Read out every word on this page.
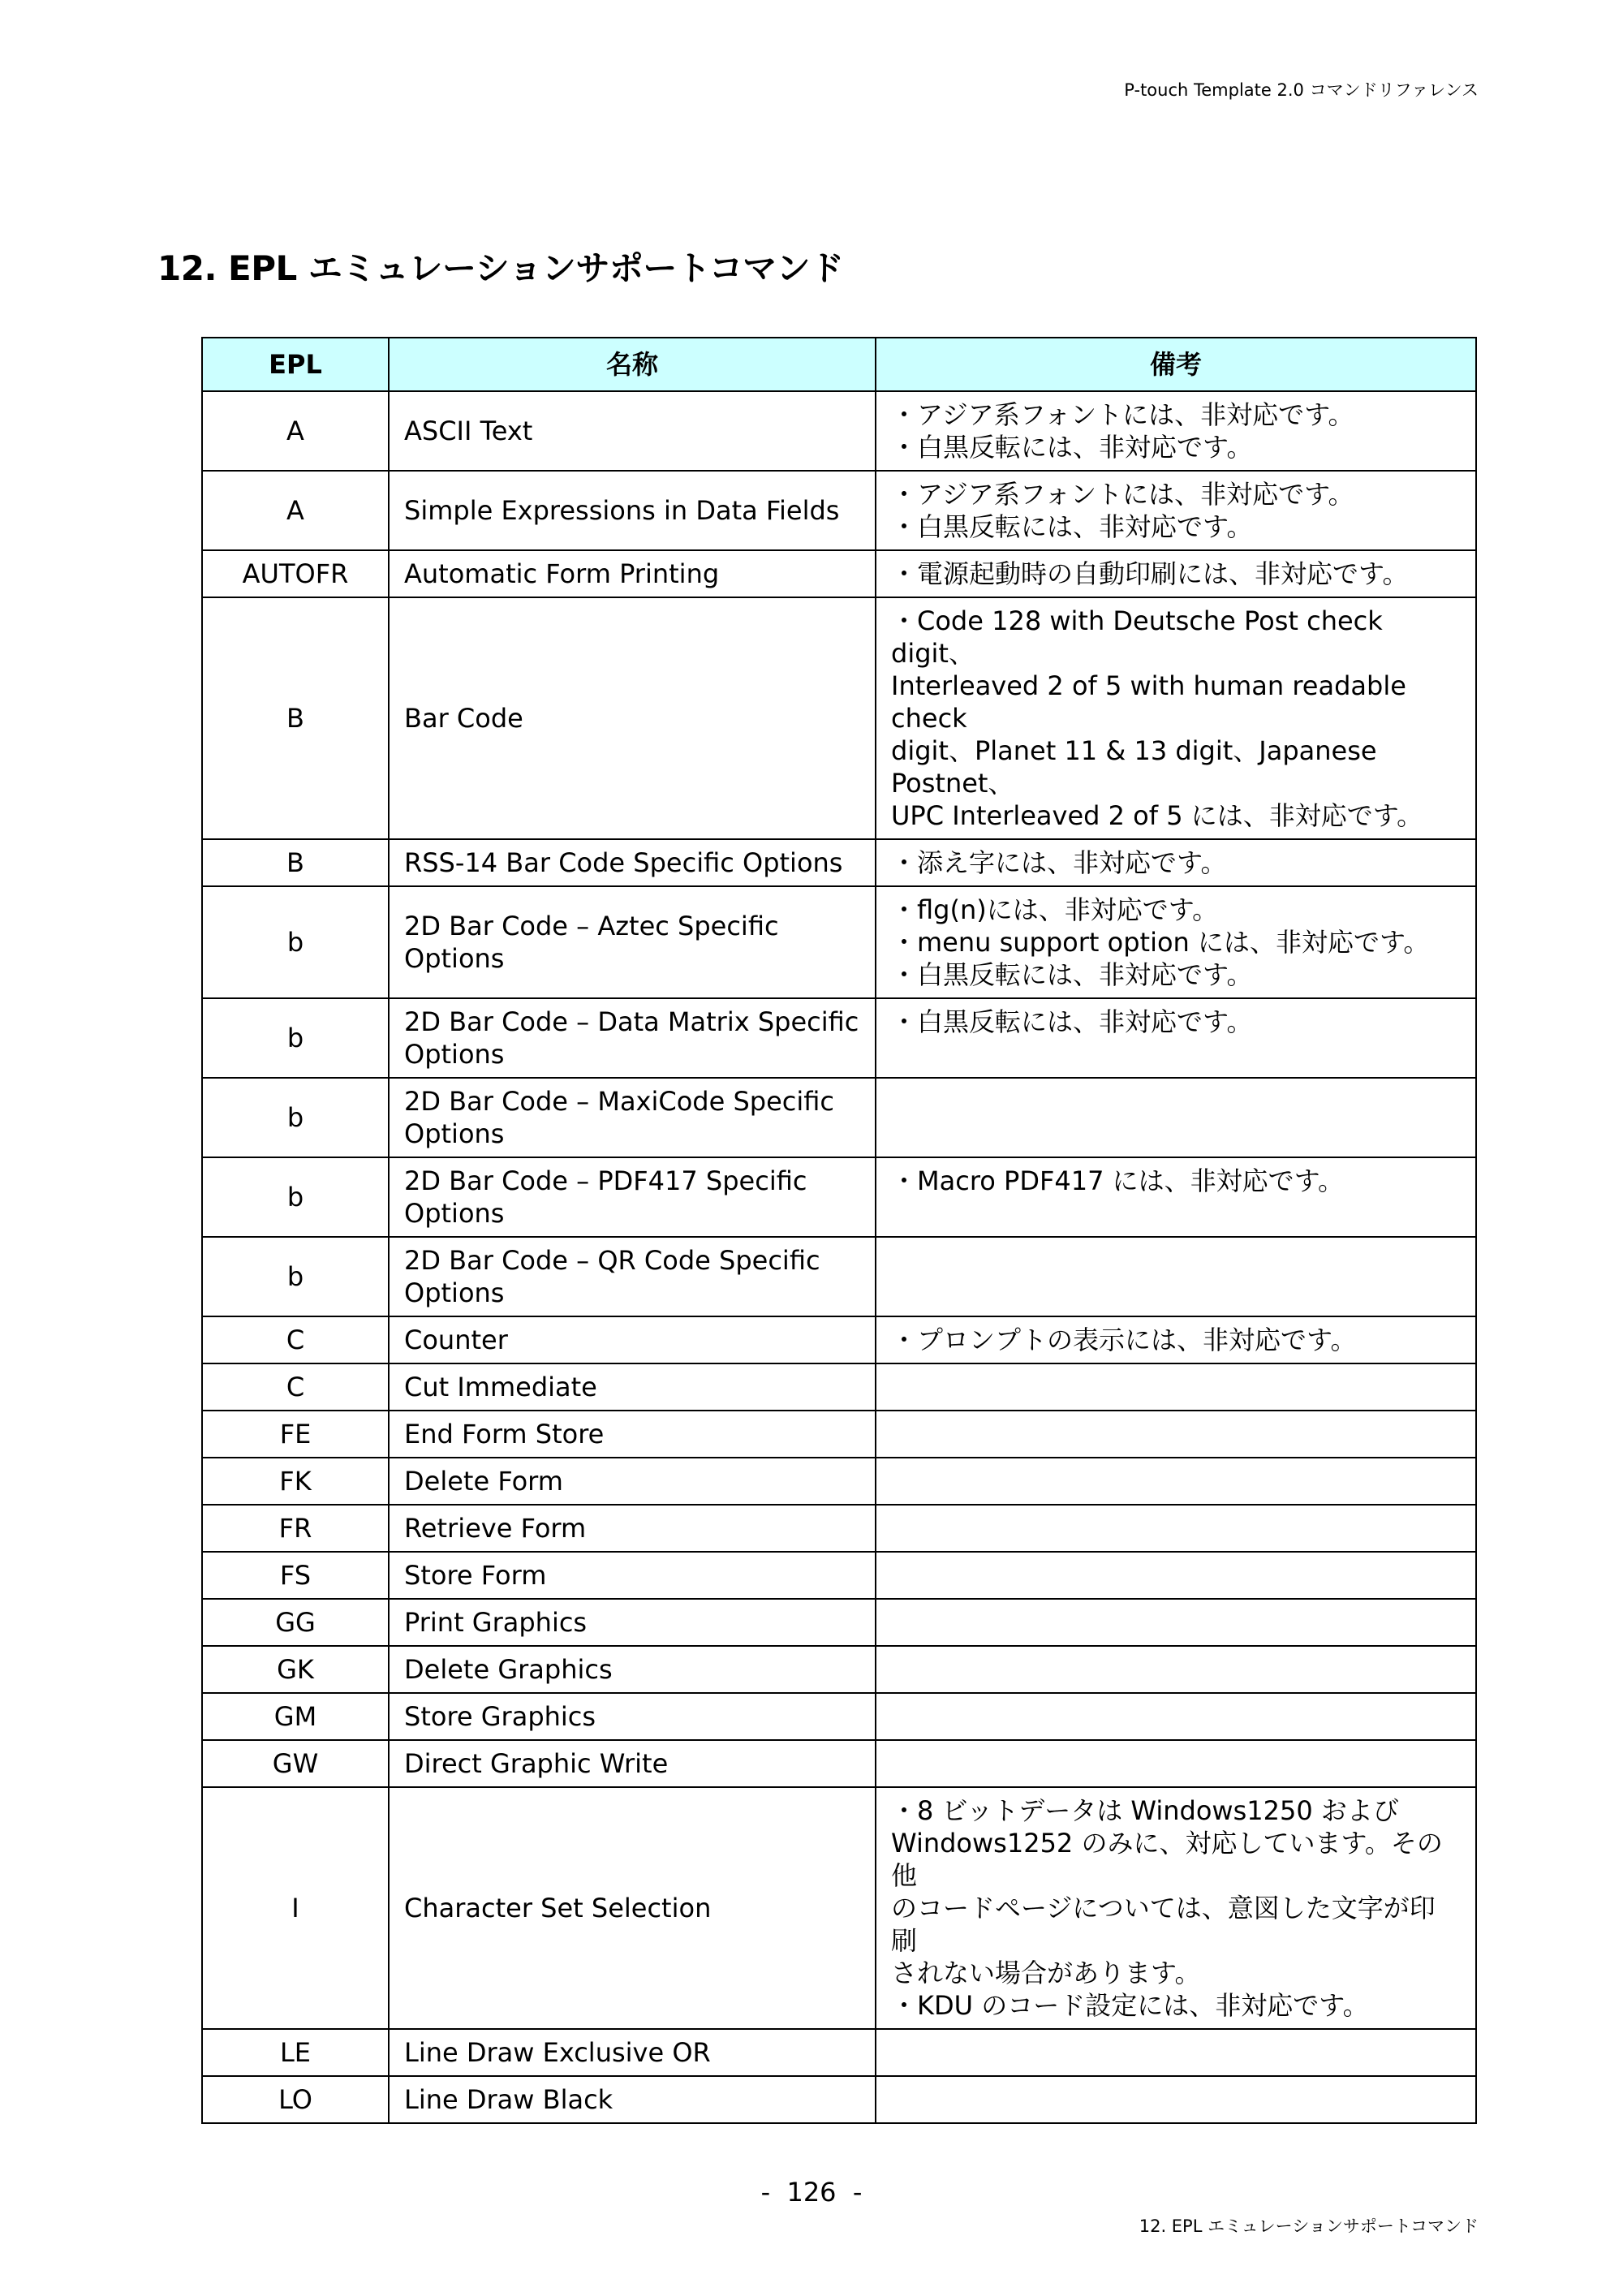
P-touch Template 2.0 コマンドリファレンス
12. EPL エミュレーションサポートコマンド
EPL	名称	備考
A	ASCII Text	・アジア系フォントには、非対応です。
・白黒反転には、非対応です。

A	Simple Expressions in Data Fields	・アジア系フォントには、非対応です。
・白黒反転には、非対応です。

AUTOFR	Automatic Form Printing	・電源起動時の自動印刷には、非対応です。

B	Bar Code	・Code 128 with Deutsche Post check digit、
Interleaved 2 of 5 with human readable check
digit、Planet 11 & 13 digit、Japanese Postnet、
UPC Interleaved 2 of 5 には、非対応です。

B	RSS-14 Bar Code Specific Options	・添え字には、非対応です。

b	2D Bar Code – Aztec Specific Options	・flg(n)には、非対応です。
・menu support option には、非対応です。
・白黒反転には、非対応です。

b	2D Bar Code – Data Matrix Specific Options	・白黒反転には、非対応です。

b	2D Bar Code – MaxiCode Specific Options	

b	2D Bar Code – PDF417 Specific Options	・Macro PDF417 には、非対応です。

b	2D Bar Code – QR Code Specific Options	

C	Counter	・プロンプトの表示には、非対応です。

C	Cut Immediate	
FE	End Form Store	
FK	Delete Form	
FR	Retrieve Form	
FS	Store Form	
GG	Print Graphics	
GK	Delete Graphics	
GM	Store Graphics	
GW	Direct Graphic Write	
I	Character Set Selection	・8 ビットデータは Windows1250 および
Windows1252 のみに、対応しています。その他
のコードページについては、意図した文字が印刷
されない場合があります。
・KDU のコード設定には、非対応です。

LE	Line Draw Exclusive OR	
LO	Line Draw Black	
-  126  -
12. EPL エミュレーションサポートコマンド
